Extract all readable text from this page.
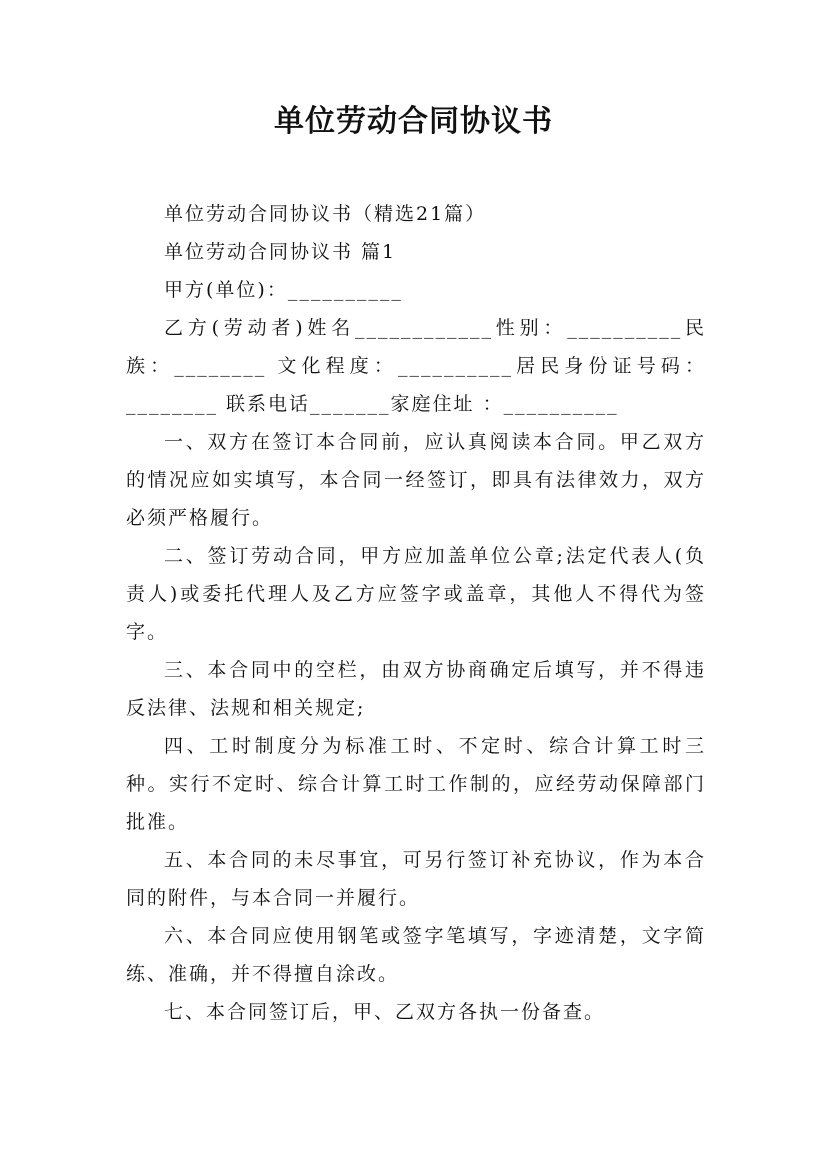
单位劳动合同协议书

单位劳动合同协议书（精选21篇）

单位劳动合同协议书 篇1

甲方(单位)：__________

乙方(劳动者)姓名____________性别：__________民族：________ 文化程度：__________居民身份证号码：________ 联系电话_______家庭住址 ：__________

一、双方在签订本合同前，应认真阅读本合同。甲乙双方的情况应如实填写，本合同一经签订，即具有法律效力，双方必须严格履行。

二、签订劳动合同，甲方应加盖单位公章;法定代表人(负责人)或委托代理人及乙方应签字或盖章，其他人不得代为签字。

三、本合同中的空栏，由双方协商确定后填写，并不得违反法律、法规和相关规定;

四、工时制度分为标准工时、不定时、综合计算工时三种。实行不定时、综合计算工时工作制的，应经劳动保障部门批准。

五、本合同的未尽事宜，可另行签订补充协议，作为本合同的附件，与本合同一并履行。

六、本合同应使用钢笔或签字笔填写，字迹清楚，文字简练、准确，并不得擅自涂改。

七、本合同签订后，甲、乙双方各执一份备查。
